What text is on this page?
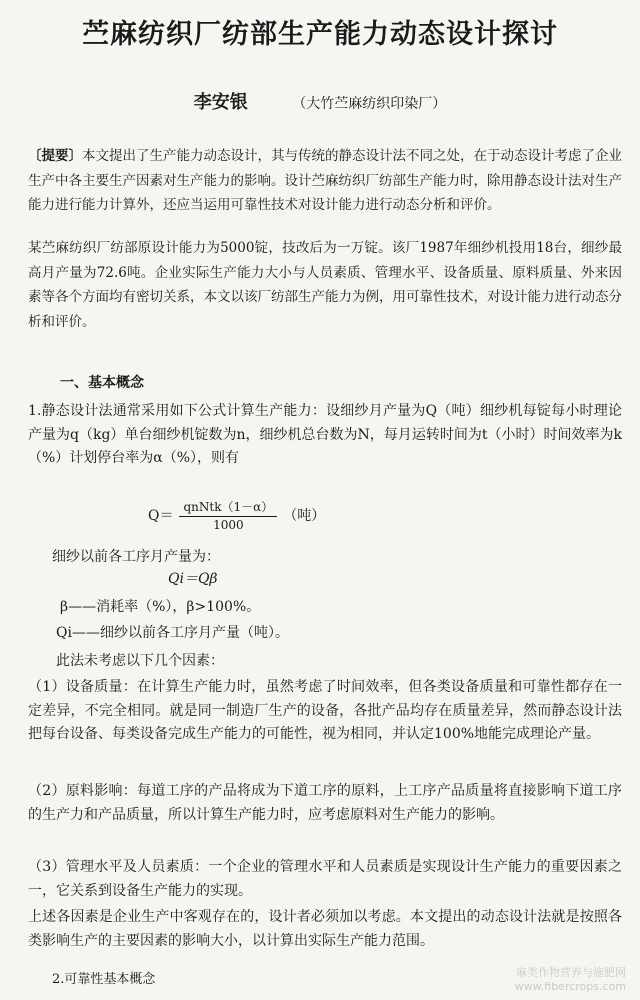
苎麻纺织厂纺部生产能力动态设计探讨
李安银	（大竹苎麻纺织印染厂）
〔提要〕本文提出了生产能力动态设计，其与传统的静态设计法不同之处，在于动态设计考虑了企业生产中各主要生产因素对生产能力的影响。设计苎麻纺织厂纺部生产能力时，除用静态设计法对生产能力进行能力计算外，还应当运用可靠性技术对设计能力进行动态分析和评价。
某苎麻纺织厂纺部原设计能力为5000锭，技改后为一万锭。该厂1987年细纱机投用18台，细纱最高月产量为72.6吨。企业实际生产能力大小与人员素质、管理水平、设备质量、原料质量、外来因素等各个方面均有密切关系，本文以该厂纺部生产能力为例，用可靠性技术，对设计能力进行动态分析和评价。
一、基本概念
1.静态设计法通常采用如下公式计算生产能力：设细纱月产量为Q（吨）细纱机每锭每小时理论产量为q（kg）单台细纱机锭数为n，细纱机总台数为N，每月运转时间为t（小时）时间效率为k（%）计划停台率为α（%），则有
$Q= \frac{\text{qnNtk（1－α）}}{1000}$ （吨）
细纱以前各工序月产量为：
Qi＝Qβ
β——消耗率（%），β>100%。
Qi——细纱以前各工序月产量（吨）。
此法未考虑以下几个因素：
（1）设备质量：在计算生产能力时，虽然考虑了时间效率，但各类设备质量和可靠性都存在一定差异，不完全相同。就是同一制造厂生产的设备，各批产品均存在质量差异，然而静态设计法把每台设备、每类设备完成生产能力的可能性，视为相同，并认定100%地能完成理论产量。
（2）原料影响：每道工序的产品将成为下道工序的原料，上工序产品质量将直接影响下道工序的生产力和产品质量，所以计算生产能力时，应考虑原料对生产能力的影响。
（3）管理水平及人员素质：一个企业的管理水平和人员素质是实现设计生产能力的重要因素之一，它关系到设备生产能力的实现。
上述各因素是企业生产中客观存在的，设计者必须加以考虑。本文提出的动态设计法就是按照各类影响生产的主要因素的影响大小，以计算出实际生产能力范围。
2.可靠性基本概念	麻类作物营养与施肥网
www.fibercrops.com
